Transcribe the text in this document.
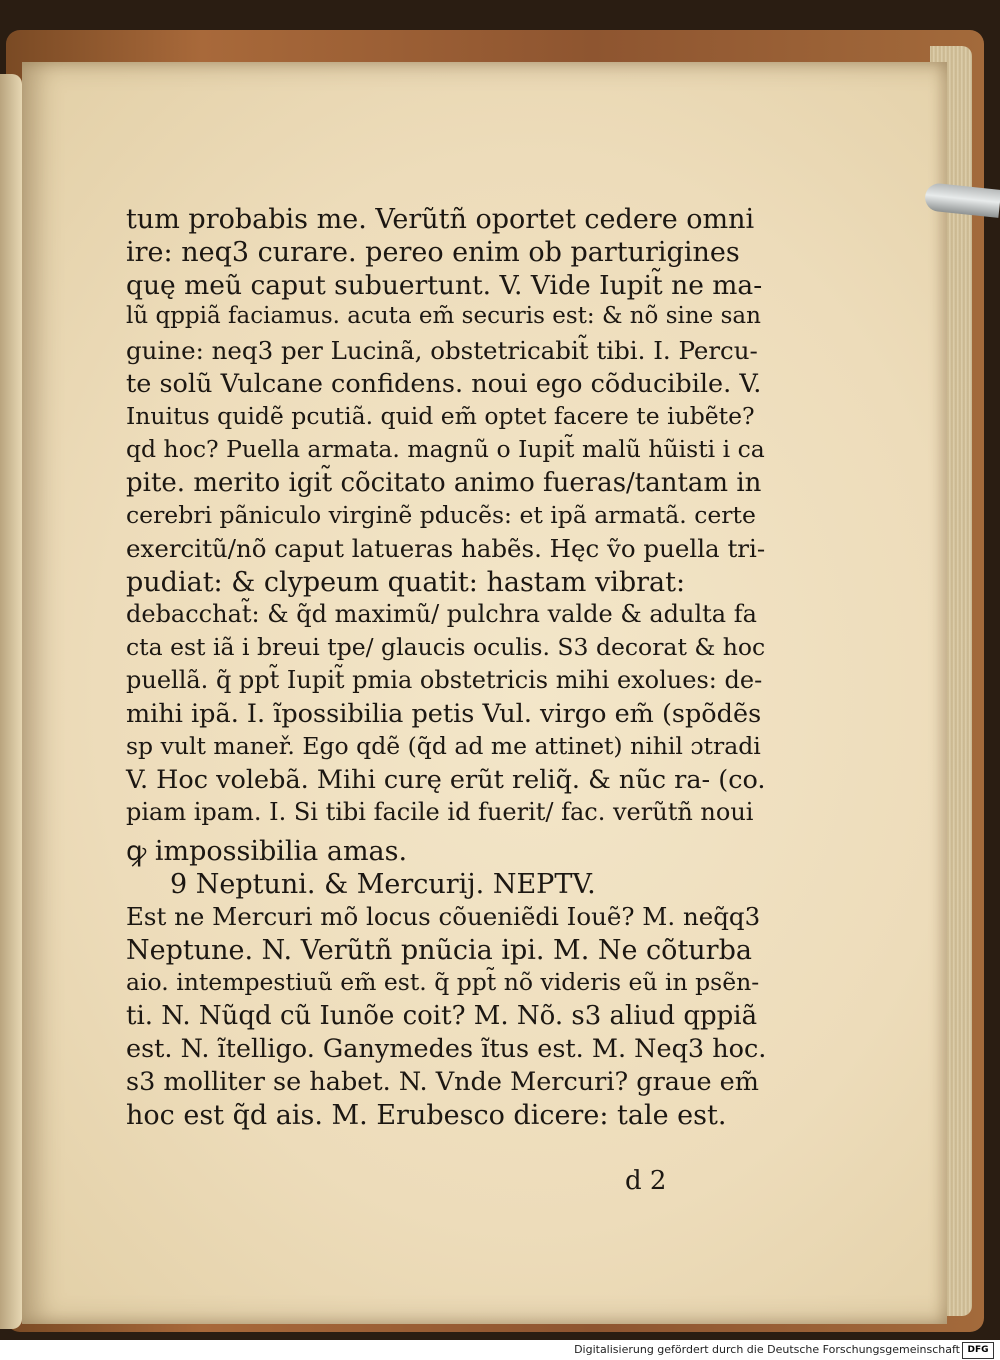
tum probabis me. Verũtñ oportet cedere omni
ire: neq3 curare. pereo enim ob parturigines
quę meũ caput subuertunt. V. Vide Iupit̃ ne ma-
lũ qppiã faciamus. acuta em̃ securis est: & nõ sine san
guine: neq3 per Lucinã, obstetricabit̃ tibi. I. Percu-
te solũ Vulcane confidens. noui ego cõducibile. V.
Inuitus quidẽ pcutiã. quid em̃ optet facere te iubẽte?
qd hoc? Puella armata. magnũ o Iupit̃ malũ hũisti i ca
pite. merito igit̃ cõcitato animo fueras/tantam in
cerebri pãniculo virginẽ pducẽs: et ipã armatã. certe
exercitũ/nõ caput latueras habẽs. Hęc ṽo puella tri-
pudiat: & clypeum quatit: hastam vibrat:
debacchat̃: & q̃d maximũ/ pulchra valde & adulta fa
cta est iã i breui tpe/ glaucis oculis. S3 decorat & hoc
puellã. q̃ ppt̃ Iupit̃ pmia obstetricis mihi exolues: de-
mihi ipã. I. ĩpossibilia petis Vul. virgo em̃ (spõdẽs
sp vult maneř. Ego qdẽ (q̃d ad me attinet) nihil ɔtradi
V. Hoc volebã. Mihi curę erũt reliq̃. & nũc ra- (co.
piam ipam. I. Si tibi facile id fuerit/ fac. verũtñ noui
ꝙ impossibilia amas.
9 Neptuni. & Mercurij. NEPTV.
Est ne Mercuri mõ locus cõueniẽdi Iouẽ? M. neq̃q3
Neptune. N. Verũtñ pnũcia ipi. M. Ne cõturba
aio. intempestiuũ em̃ est. q̃ ppt̃ nõ videris eũ in psẽn-
ti. N. Nũqd cũ Iunõe coit? M. Nõ. s3 aliud qppiã
est. N. ĩtelligo. Ganymedes ĩtus est. M. Neq3 hoc.
s3 molliter se habet. N. Vnde Mercuri? graue em̃
hoc est q̃d ais. M. Erubesco dicere: tale est.
d 2
Digitalisierung gefördert durch die Deutsche Forschungsgemeinschaft DFG
